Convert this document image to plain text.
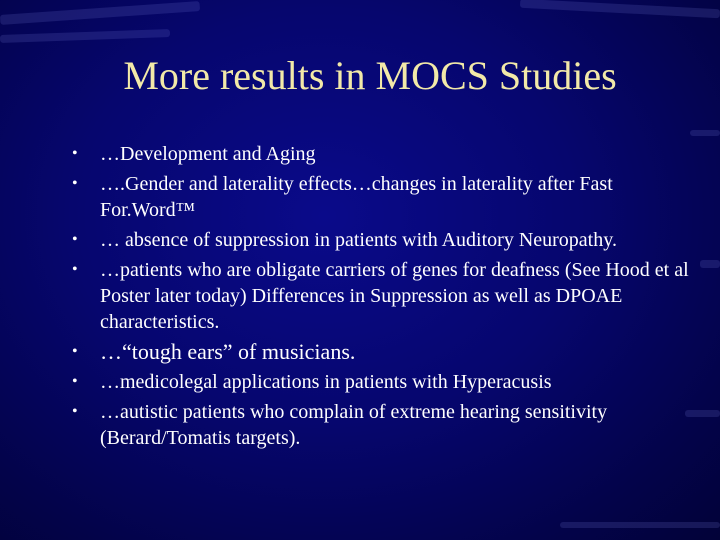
More results in MOCS Studies
• …Development and Aging
• ….Gender and laterality effects…changes in laterality after Fast For.Word™
• … absence of suppression in patients with Auditory Neuropathy.
• …patients who are obligate carriers of genes for deafness (See Hood et al Poster later today) Differences in Suppression as well as DPOAE characteristics.
• …“tough ears” of musicians.
• …medicolegal applications in patients with Hyperacusis
• …autistic patients who complain of extreme hearing sensitivity (Berard/Tomatis targets).
